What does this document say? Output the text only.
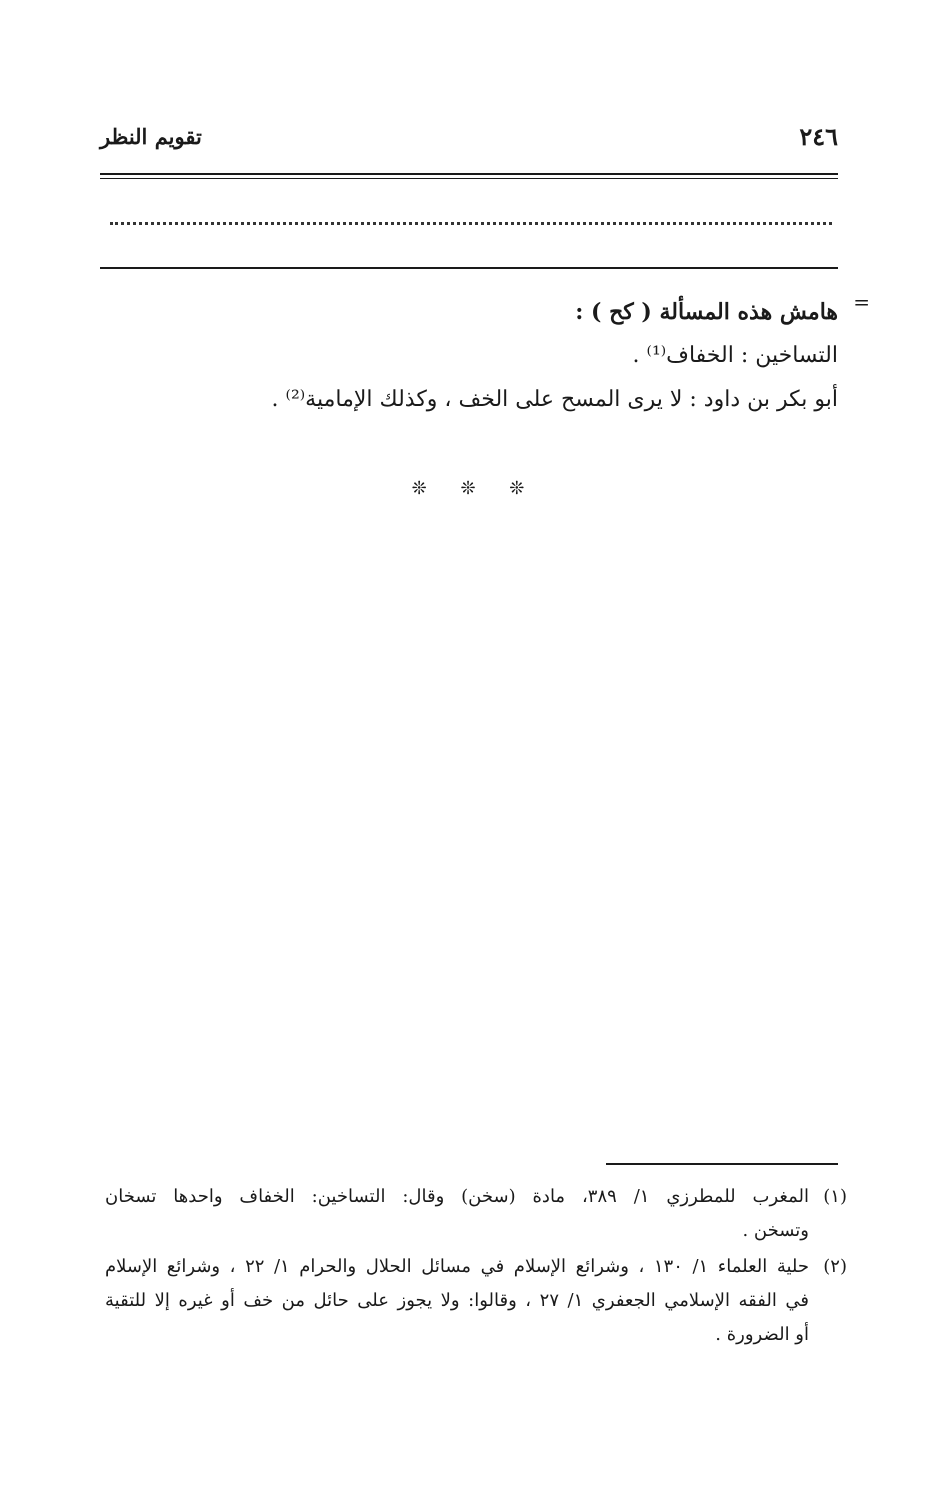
٢٤٦
تقويم النظر
=
هامش هذه المسألة ( كح ) :
التساخين : الخفاف⁽¹⁾ .
أبو بكر بن داود : لا يرى المسح على الخف ، وكذلك الإمامية⁽²⁾ .
❊ ❊ ❊
(١)
المغرب للمطرزي ١/ ٣٨٩، مادة (سخن) وقال: التساخين: الخفاف واحدها تسخان
وتسخن .
(٢)
حلية العلماء ١/ ١٣٠ ، وشرائع الإسلام في مسائل الحلال والحرام ١/ ٢٢ ، وشرائع الإسلام
في الفقه الإسلامي الجعفري ١/ ٢٧ ، وقالوا: ولا يجوز على حائل من خف أو غيره إلا للتقية
أو الضرورة .
